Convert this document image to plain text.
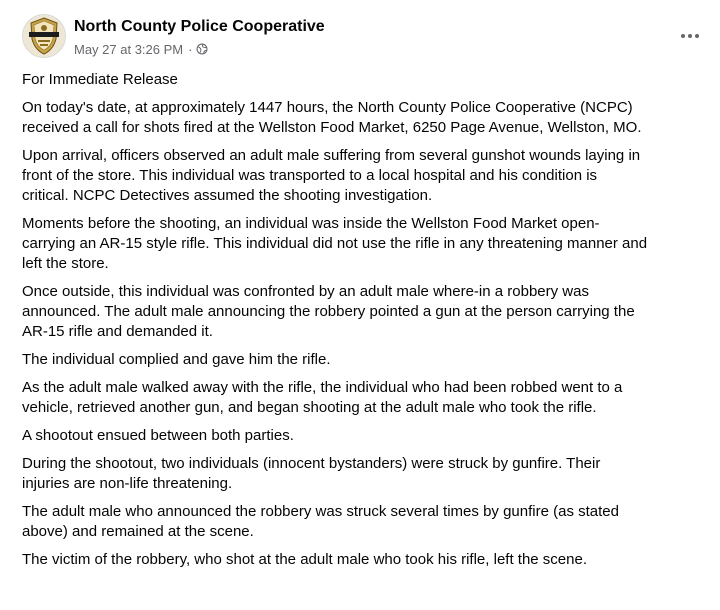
North County Police Cooperative
May 27 at 3:26 PM ·

For Immediate Release

On today's date, at approximately 1447 hours, the North County Police Cooperative (NCPC)
received a call for shots fired at the Wellston Food Market, 6250 Page Avenue, Wellston, MO.

Upon arrival, officers observed an adult male suffering from several gunshot wounds laying in
front of the store. This individual was transported to a local hospital and his condition is
critical. NCPC Detectives assumed the shooting investigation.

Moments before the shooting, an individual was inside the Wellston Food Market open-
carrying an AR-15 style rifle. This individual did not use the rifle in any threatening manner and
left the store.

Once outside, this individual was confronted by an adult male where-in a robbery was
announced. The adult male announcing the robbery pointed a gun at the person carrying the
AR-15 rifle and demanded it.

The individual complied and gave him the rifle.

As the adult male walked away with the rifle, the individual who had been robbed went to a
vehicle, retrieved another gun, and began shooting at the adult male who took the rifle.

A shootout ensued between both parties.

During the shootout, two individuals (innocent bystanders) were struck by gunfire. Their
injuries are non-life threatening.

The adult male who announced the robbery was struck several times by gunfire (as stated
above) and remained at the scene.

The victim of the robbery, who shot at the adult male who took his rifle, left the scene.
